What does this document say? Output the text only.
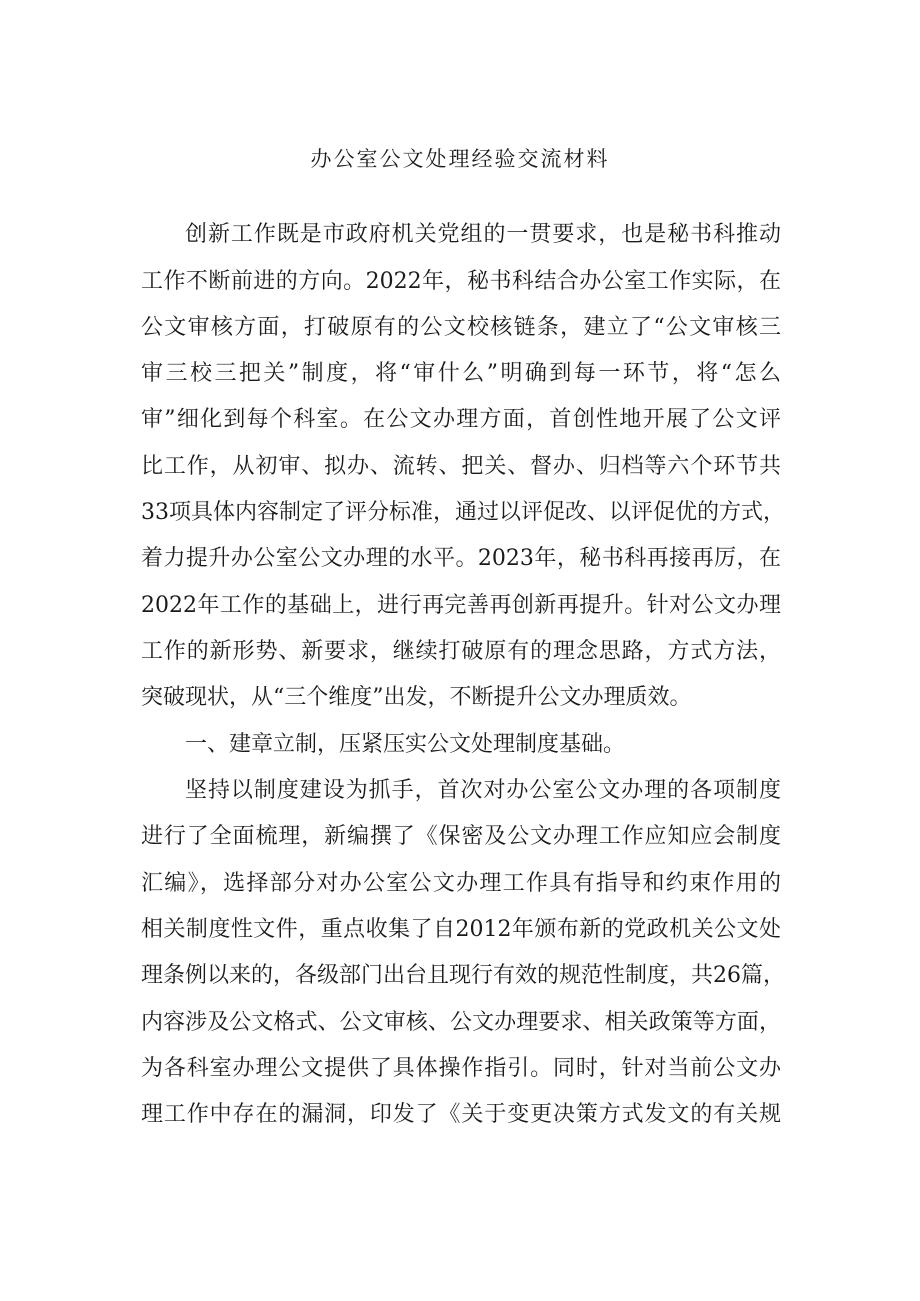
办公室公文处理经验交流材料
创新工作既是市政府机关党组的一贯要求，也是秘书科推动
工作不断前进的方向。2022年，秘书科结合办公室工作实际，在
公文审核方面，打破原有的公文校核链条，建立了“公文审核三
审三校三把关”制度，将“审什么”明确到每一环节，将“怎么
审”细化到每个科室。在公文办理方面，首创性地开展了公文评
比工作，从初审、拟办、流转、把关、督办、归档等六个环节共
33项具体内容制定了评分标准，通过以评促改、以评促优的方式，
着力提升办公室公文办理的水平。2023年，秘书科再接再厉，在
2022年工作的基础上，进行再完善再创新再提升。针对公文办理
工作的新形势、新要求，继续打破原有的理念思路，方式方法，
突破现状，从“三个维度”出发，不断提升公文办理质效。
一、建章立制，压紧压实公文处理制度基础。
坚持以制度建设为抓手，首次对办公室公文办理的各项制度
进行了全面梳理，新编撰了《保密及公文办理工作应知应会制度
汇编》，选择部分对办公室公文办理工作具有指导和约束作用的
相关制度性文件，重点收集了自2012年颁布新的党政机关公文处
理条例以来的，各级部门出台且现行有效的规范性制度，共26篇，
内容涉及公文格式、公文审核、公文办理要求、相关政策等方面，
为各科室办理公文提供了具体操作指引。同时，针对当前公文办
理工作中存在的漏洞，印发了《关于变更决策方式发文的有关规
